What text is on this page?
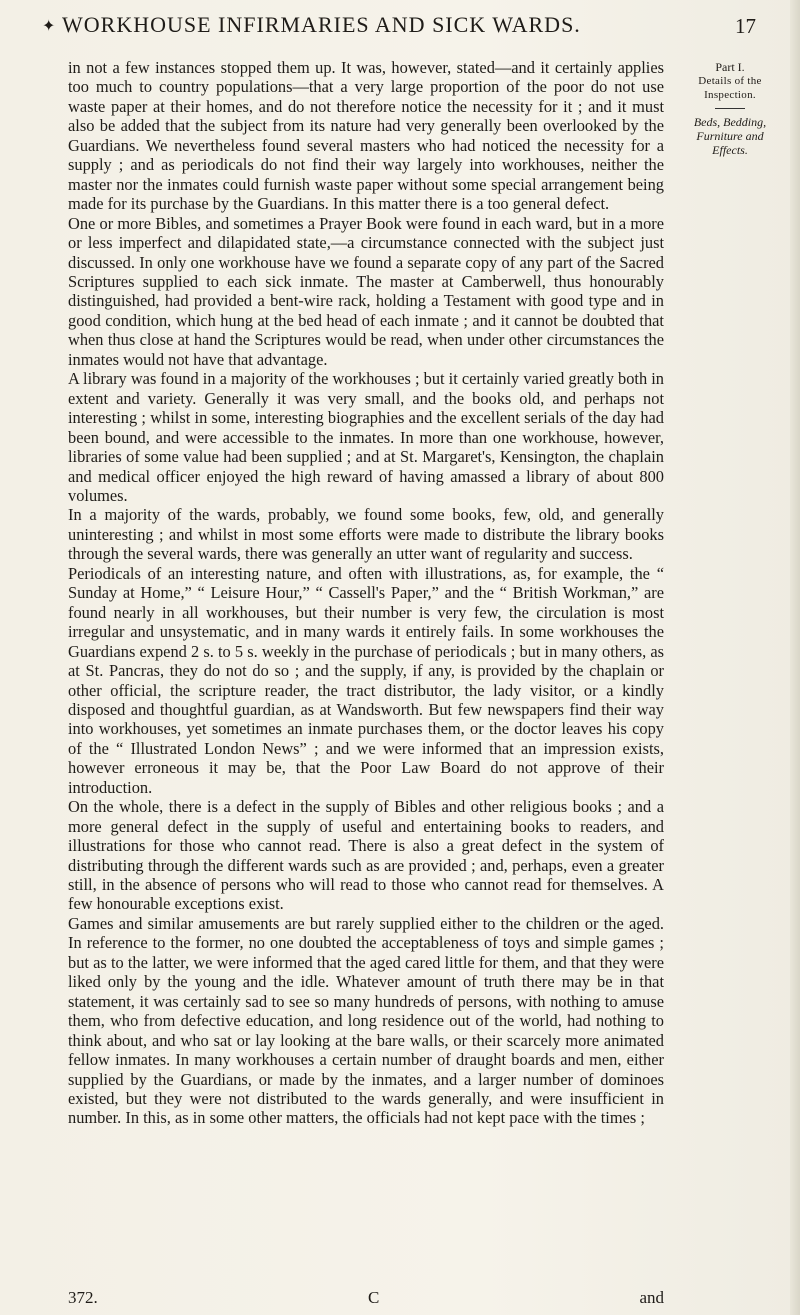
✦ WORKHOUSE INFIRMARIES AND SICK WARDS.	17

in not a few instances stopped them up. It was, however, stated—and it certainly applies too much to country populations—that a very large proportion of the poor do not use waste paper at their homes, and do not therefore notice the necessity for it ; and it must also be added that the subject from its nature had very generally been overlooked by the Guardians. We nevertheless found several masters who had noticed the necessity for a supply ; and as periodicals do not find their way largely into workhouses, neither the master nor the inmates could furnish waste paper without some special arrangement being made for its purchase by the Guardians. In this matter there is a too general defect.

One or more Bibles, and sometimes a Prayer Book were found in each ward, but in a more or less imperfect and dilapidated state,—a circumstance connected with the subject just discussed. In only one workhouse have we found a separate copy of any part of the Sacred Scriptures supplied to each sick inmate. The master at Camberwell, thus honourably distinguished, had provided a bent-wire rack, holding a Testament with good type and in good condition, which hung at the bed head of each inmate ; and it cannot be doubted that when thus close at hand the Scriptures would be read, when under other circumstances the inmates would not have that advantage.

A library was found in a majority of the workhouses ; but it certainly varied greatly both in extent and variety. Generally it was very small, and the books old, and perhaps not interesting ; whilst in some, interesting biographies and the excellent serials of the day had been bound, and were accessible to the inmates. In more than one workhouse, however, libraries of some value had been supplied ; and at St. Margaret's, Kensington, the chaplain and medical officer enjoyed the high reward of having amassed a library of about 800 volumes.

In a majority of the wards, probably, we found some books, few, old, and generally uninteresting ; and whilst in most some efforts were made to distribute the library books through the several wards, there was generally an utter want of regularity and success.

Periodicals of an interesting nature, and often with illustrations, as, for example, the “ Sunday at Home,” “ Leisure Hour,” “ Cassell's Paper,” and the “ British Workman,” are found nearly in all workhouses, but their number is very few, the circulation is most irregular and unsystematic, and in many wards it entirely fails. In some workhouses the Guardians expend 2 s. to 5 s. weekly in the purchase of periodicals ; but in many others, as at St. Pancras, they do not do so ; and the supply, if any, is provided by the chaplain or other official, the scripture reader, the tract distributor, the lady visitor, or a kindly disposed and thoughtful guardian, as at Wandsworth. But few newspapers find their way into workhouses, yet sometimes an inmate purchases them, or the doctor leaves his copy of the “ Illustrated London News” ; and we were informed that an impression exists, however erroneous it may be, that the Poor Law Board do not approve of their introduction.

On the whole, there is a defect in the supply of Bibles and other religious books ; and a more general defect in the supply of useful and entertaining books to readers, and illustrations for those who cannot read. There is also a great defect in the system of distributing through the different wards such as are provided ; and, perhaps, even a greater still, in the absence of persons who will read to those who cannot read for themselves. A few honourable exceptions exist.

Games and similar amusements are but rarely supplied either to the children or the aged. In reference to the former, no one doubted the acceptableness of toys and simple games ; but as to the latter, we were informed that the aged cared little for them, and that they were liked only by the young and the idle. Whatever amount of truth there may be in that statement, it was certainly sad to see so many hundreds of persons, with nothing to amuse them, who from defective education, and long residence out of the world, had nothing to think about, and who sat or lay looking at the bare walls, or their scarcely more animated fellow inmates. In many workhouses a certain number of draught boards and men, either supplied by the Guardians, or made by the inmates, and a larger number of dominoes existed, but they were not distributed to the wards generally, and were insufficient in number. In this, as in some other matters, the officials had not kept pace with the times ;

Part I.
Details of the
Inspection.
Beds, Bedding,
Furniture and
Effects.
372.	C	and
